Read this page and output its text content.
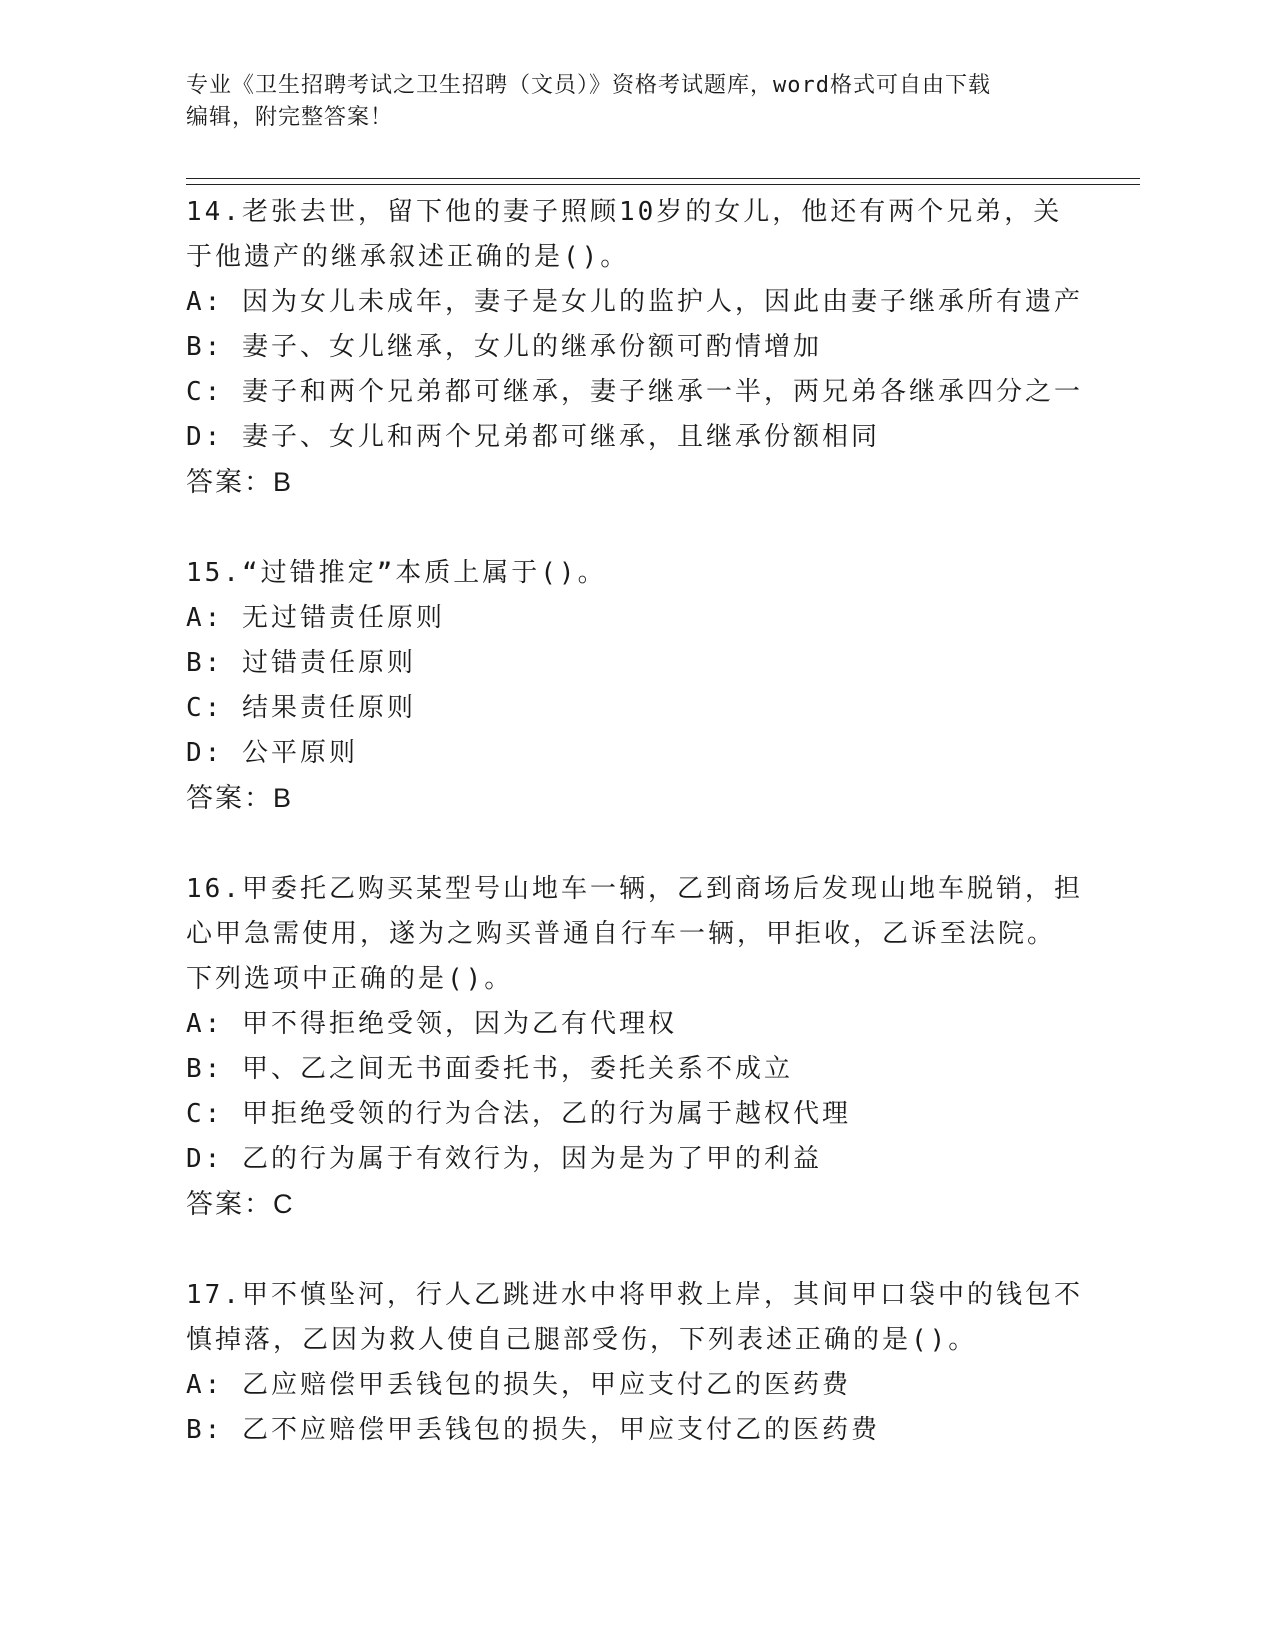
专业《卫生招聘考试之卫生招聘（文员）》资格考试题库，word格式可自由下载
编辑，附完整答案！
14.老张去世，留下他的妻子照顾10岁的女儿，他还有两个兄弟，关
于他遗产的继承叙述正确的是()。
A: 因为女儿未成年，妻子是女儿的监护人，因此由妻子继承所有遗产
B: 妻子、女儿继承，女儿的继承份额可酌情增加
C: 妻子和两个兄弟都可继承，妻子继承一半，两兄弟各继承四分之一
D: 妻子、女儿和两个兄弟都可继承，且继承份额相同
答案：B
15.“过错推定”本质上属于()。
A: 无过错责任原则
B: 过错责任原则
C: 结果责任原则
D: 公平原则
答案：B
16.甲委托乙购买某型号山地车一辆，乙到商场后发现山地车脱销，担
心甲急需使用，遂为之购买普通自行车一辆，甲拒收，乙诉至法院。
下列选项中正确的是()。
A: 甲不得拒绝受领，因为乙有代理权
B: 甲、乙之间无书面委托书，委托关系不成立
C: 甲拒绝受领的行为合法，乙的行为属于越权代理
D: 乙的行为属于有效行为，因为是为了甲的利益
答案：C
17.甲不慎坠河，行人乙跳进水中将甲救上岸，其间甲口袋中的钱包不
慎掉落，乙因为救人使自己腿部受伤，下列表述正确的是()。
A: 乙应赔偿甲丢钱包的损失，甲应支付乙的医药费
B: 乙不应赔偿甲丢钱包的损失，甲应支付乙的医药费
